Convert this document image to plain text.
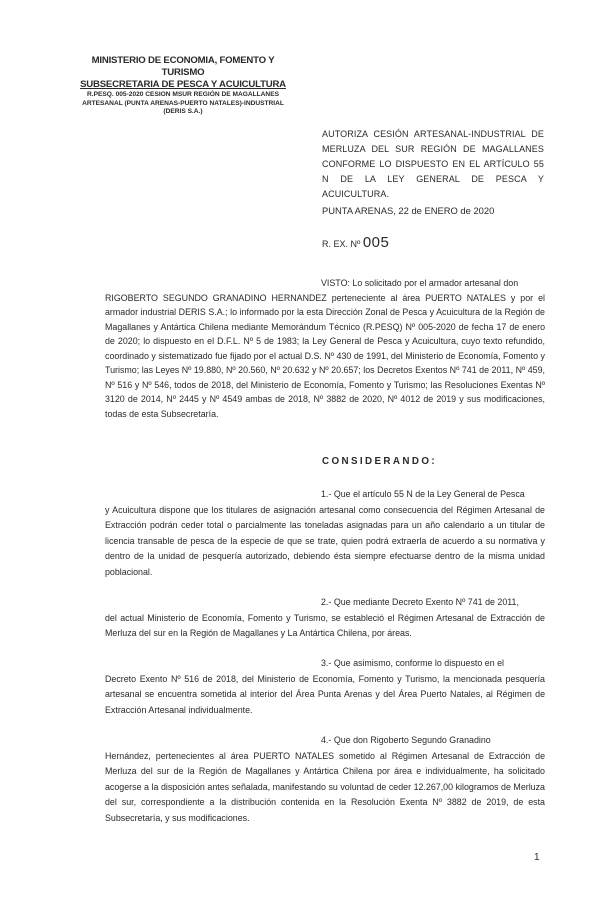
MINISTERIO DE ECONOMIA, FOMENTO Y TURISMO
SUBSECRETARIA DE PESCA Y ACUICULTURA
R.PESQ. 005-2020 CESION MSUR REGIÓN DE MAGALLANES
ARTESANAL (PUNTA ARENAS-PUERTO NATALES)-INDUSTRIAL
(DERIS S.A.)
AUTORIZA CESIÓN ARTESANAL-INDUSTRIAL DE MERLUZA DEL SUR REGIÓN DE MAGALLANES CONFORME LO DISPUESTO EN EL ARTÍCULO 55 N DE LA LEY GENERAL DE PESCA Y ACUICULTURA.
PUNTA ARENAS, 22 de ENERO de 2020
R. EX. Nº 005
VISTO: Lo solicitado por el armador artesanal don
RIGOBERTO SEGUNDO GRANADINO HERNANDEZ perteneciente al área PUERTO NATALES y por el armador industrial DERIS S.A.; lo informado por la esta Dirección Zonal de Pesca y Acuicultura de la Región de Magallanes y Antártica Chilena mediante Memorándum Técnico (R.PESQ) Nº 005-2020 de fecha 17 de enero de 2020; lo dispuesto en el D.F.L. Nº 5 de 1983; la Ley General de Pesca y Acuicultura, cuyo texto refundido, coordinado y sistematizado fue fijado por el actual D.S. Nº 430 de 1991, del Ministerio de Economía, Fomento y Turismo; las Leyes Nº 19.880, Nº 20.560, Nº 20.632 y Nº 20.657; los Decretos Exentos Nº 741 de 2011, Nº 459, Nº 516 y Nº 546, todos de 2018, del Ministerio de Economía, Fomento y Turismo; las Resoluciones Exentas Nº 3120 de 2014, Nº 2445 y Nº 4549 ambas de 2018, Nº 3882 de 2020, Nº 4012 de 2019 y sus modificaciones, todas de esta Subsecretaría.
CONSIDERANDO:

1.- Que el artículo 55 N de la Ley General de Pesca
y Acuicultura dispone que los titulares de asignación artesanal como consecuencia del Régimen Artesanal de Extracción podrán ceder total o parcialmente las toneladas asignadas para un año calendario a un titular de licencia transable de pesca de la especie de que se trate, quien podrá extraerla de acuerdo a su normativa y dentro de la unidad de pesquería autorizado, debiendo ésta siempre efectuarse dentro de la misma unidad poblacional.

2.- Que mediante Decreto Exento Nº 741 de 2011,
del actual Ministerio de Economía, Fomento y Turismo, se estableció el Régimen Artesanal de Extracción de Merluza del sur en la Región de Magallanes y La Antártica Chilena, por áreas.

3.- Que asimismo, conforme lo dispuesto en el
Decreto Exento Nº 516 de 2018, del Ministerio de Economía, Fomento y Turismo, la mencionada pesquería artesanal se encuentra sometida al interior del Área Punta Arenas y del Área Puerto Natales, al Régimen de Extracción Artesanal individualmente.

4.- Que don Rigoberto Segundo Granadino
Hernández, pertenecientes al área PUERTO NATALES sometido al Régimen Artesanal de Extracción de Merluza del sur de la Región de Magallanes y Antártica Chilena por área e individualmente, ha solicitado acogerse a la disposición antes señalada, manifestando su voluntad de ceder 12.267,00 kilogramos de Merluza del sur, correspondiente a la distribución contenida en la Resolución Exenta Nº 3882 de 2019, de esta Subsecretaría, y sus modificaciones.

1
